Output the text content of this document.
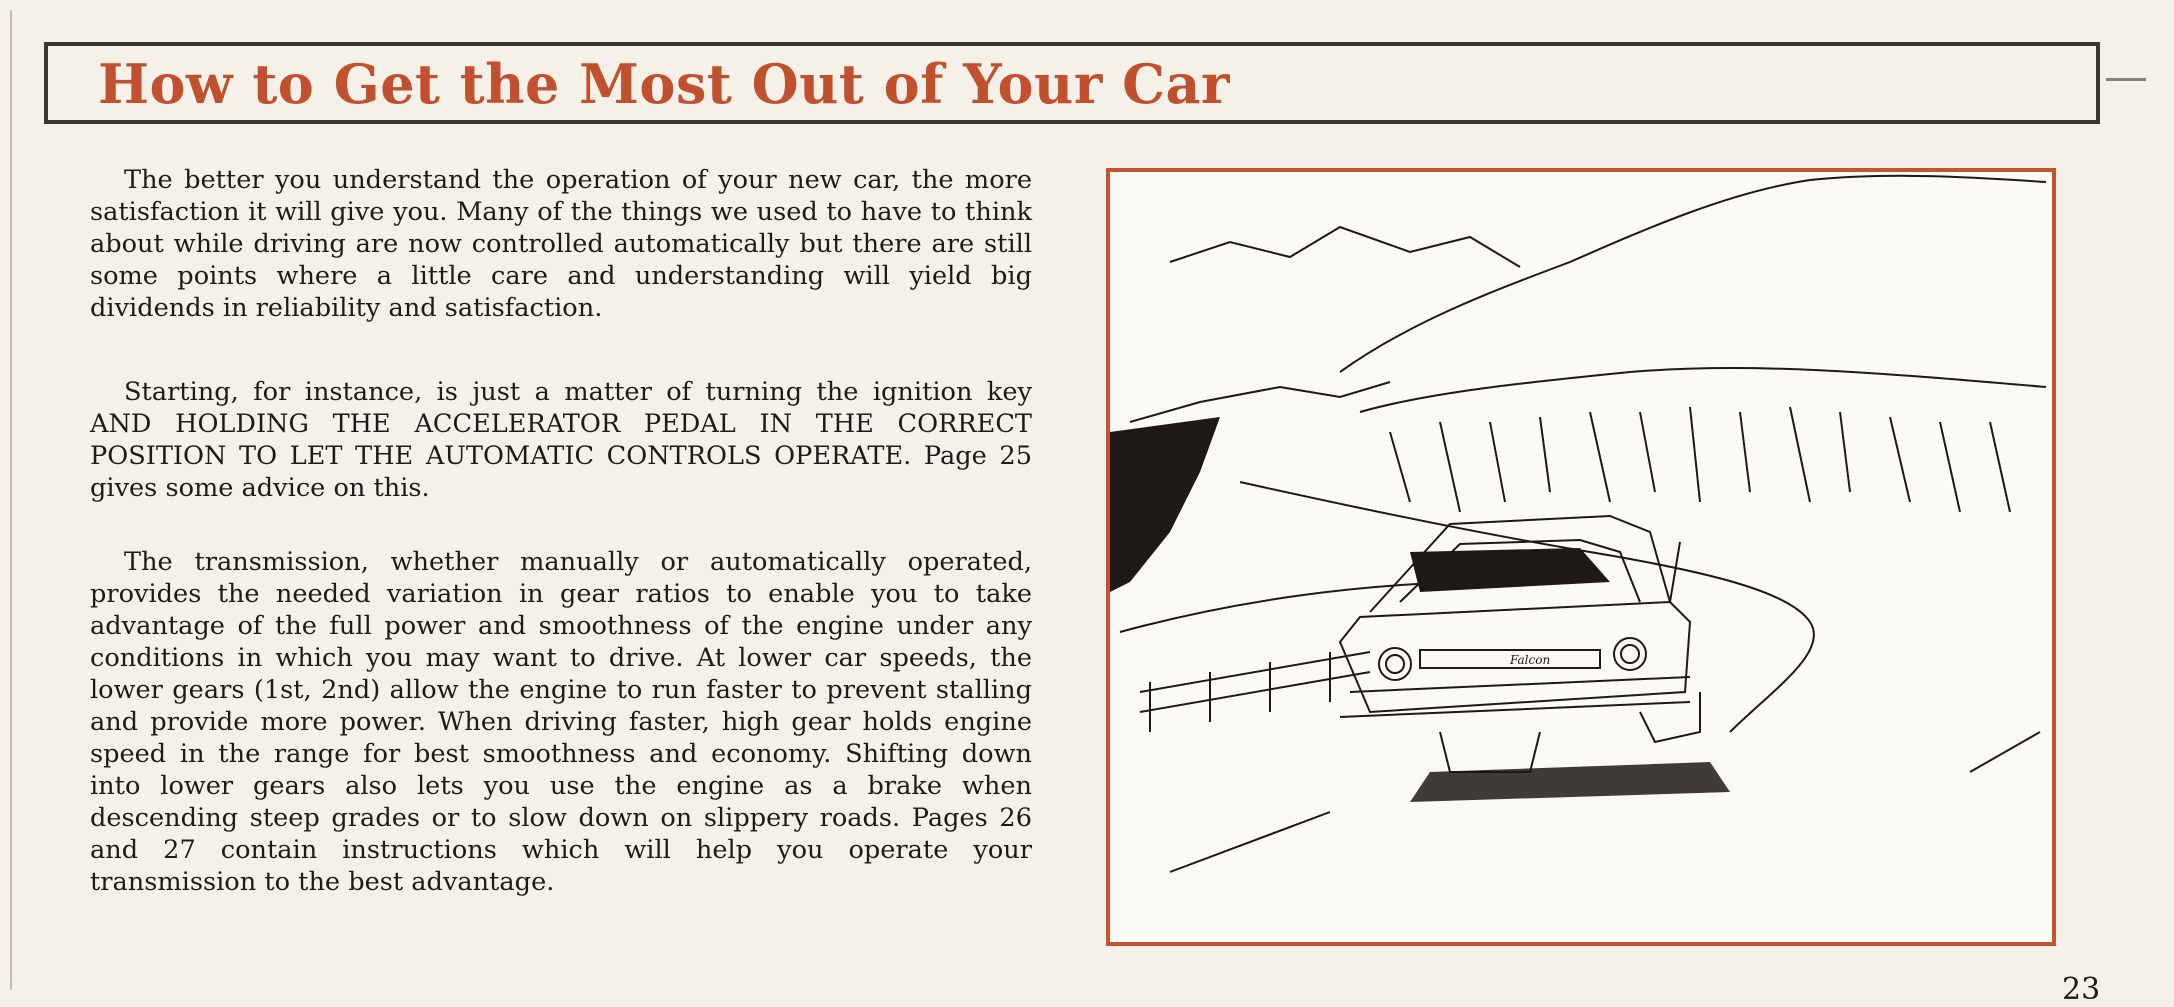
How to Get the Most Out of Your Car

The better you understand the operation of your new car, the more satisfaction it will give you. Many of the things we used to have to think about while driving are now controlled automatically but there are still some points where a little care and understanding will yield big dividends in reliability and satisfaction.

Starting, for instance, is just a matter of turning the ignition key AND HOLDING THE ACCELERATOR PEDAL IN THE CORRECT POSITION TO LET THE AUTOMATIC CONTROLS OPERATE. Page 25 gives some advice on this.

The transmission, whether manually or automatically operated, provides the needed variation in gear ratios to enable you to take advantage of the full power and smoothness of the engine under any conditions in which you may want to drive. At lower car speeds, the lower gears (1st, 2nd) allow the engine to run faster to prevent stalling and provide more power. When driving faster, high gear holds engine speed in the range for best smoothness and economy. Shifting down into lower gears also lets you use the engine as a brake when descending steep grades or to slow down on slippery roads. Pages 26 and 27 contain instructions which will help you operate your transmission to the best advantage.

Falcon
23
